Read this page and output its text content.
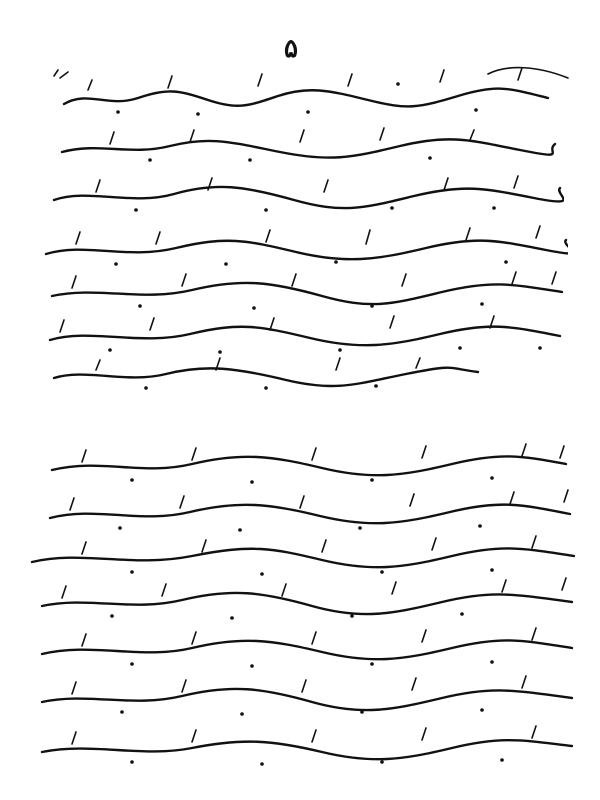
۵
